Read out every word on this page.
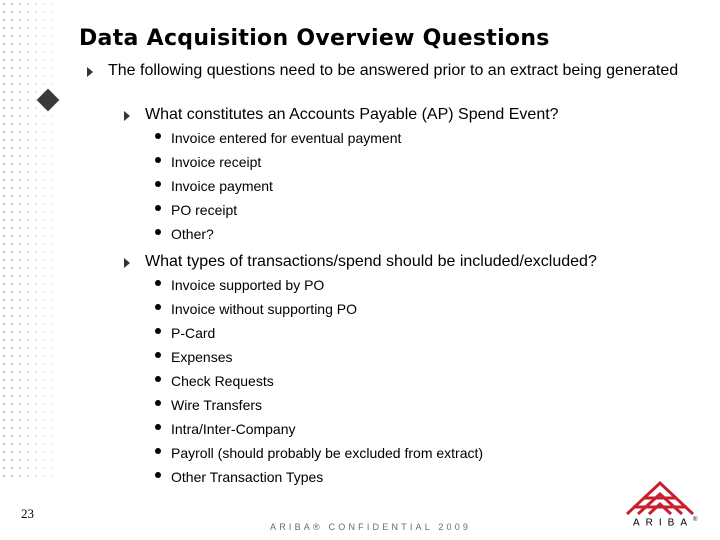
Data Acquisition Overview Questions
The following questions need to be answered prior to an extract being generated
What constitutes an Accounts Payable (AP) Spend Event?
Invoice entered for eventual payment
Invoice receipt
Invoice payment
PO receipt
Other?
What types of transactions/spend should be included/excluded?
Invoice supported by PO
Invoice without supporting PO
P-Card
Expenses
Check Requests
Wire Transfers
Intra/Inter-Company
Payroll (should probably be excluded from extract)
Other Transaction Types
23
ARIBA® CONFIDENTIAL 2009	ARIBA®
